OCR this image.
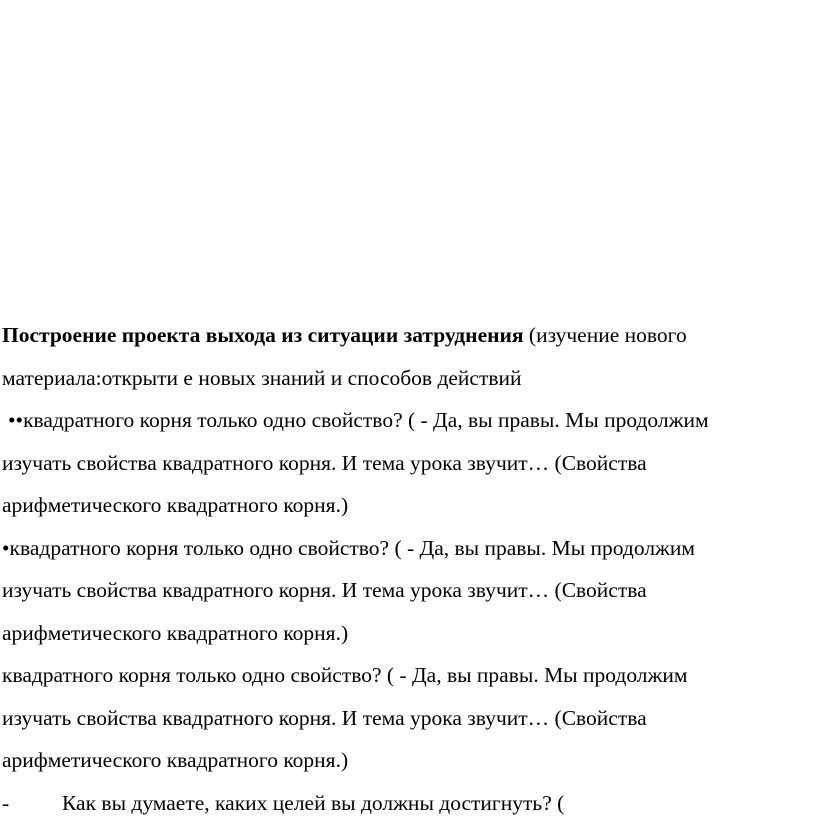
Построение проекта выхода из ситуации затруднения (изучение нового
материала:открыти е новых знаний и способов действий
••квадратного корня только одно свойство? ( - Да, вы правы. Мы продолжим
изучать свойства квадратного корня. И тема урока звучит… (Свойства
арифметического квадратного корня.)
•квадратного корня только одно свойство? ( - Да, вы правы. Мы продолжим
изучать свойства квадратного корня. И тема урока звучит… (Свойства
арифметического квадратного корня.)
квадратного корня только одно свойство? ( - Да, вы правы. Мы продолжим
изучать свойства квадратного корня. И тема урока звучит… (Свойства
арифметического квадратного корня.)
- Как вы думаете, каких целей вы должны достигнуть? (
